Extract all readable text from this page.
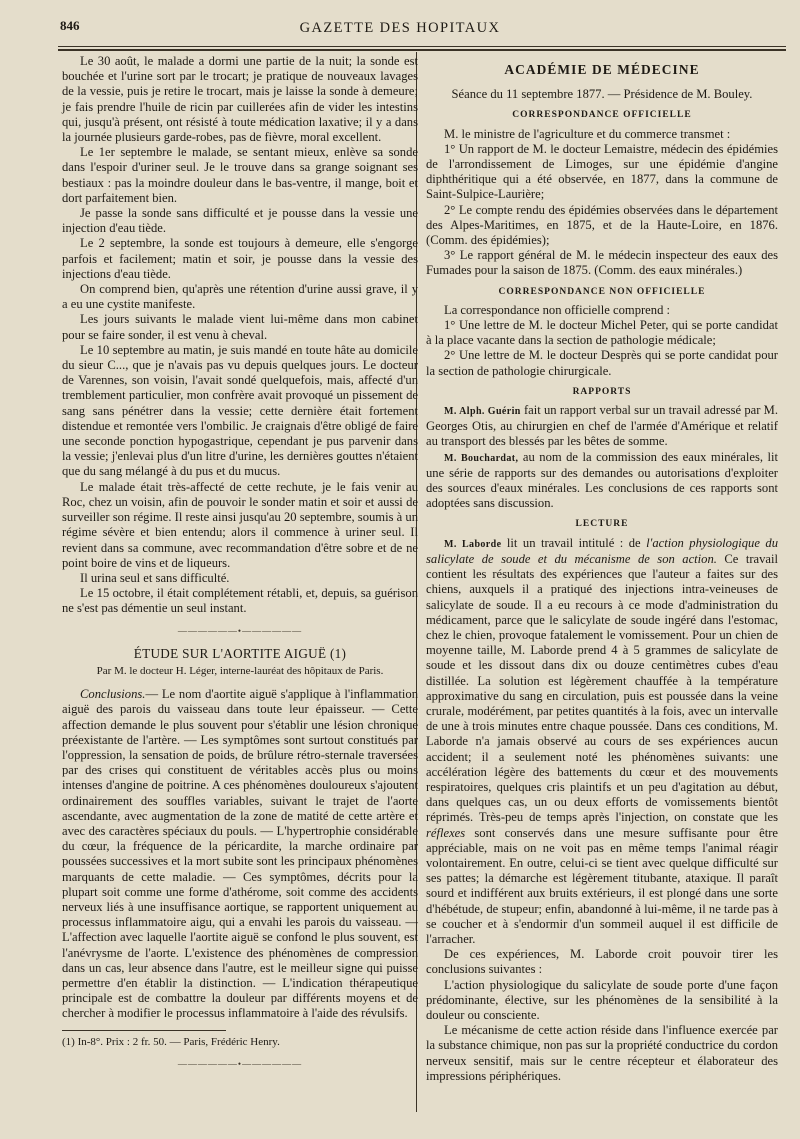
846	GAZETTE DES HOPITAUX

Le 30 août, le malade a dormi une partie de la nuit; la sonde est bouchée et l'urine sort par le trocart; je pratique de nouveaux lavages de la vessie, puis je retire le trocart, mais je laisse la sonde à demeure; je fais prendre l'huile de ricin par cuillerées afin de vider les intestins qui, jusqu'à présent, ont résisté à toute médication laxative; il y a dans la journée plusieurs garde-robes, pas de fièvre, moral excellent.

Le 1er septembre le malade, se sentant mieux, enlève sa sonde dans l'espoir d'uriner seul. Je le trouve dans sa grange soignant ses bestiaux : pas la moindre douleur dans le bas-ventre, il mange, boit et dort parfaitement bien.

Je passe la sonde sans difficulté et je pousse dans la vessie une injection d'eau tiède.

Le 2 septembre, la sonde est toujours à demeure, elle s'engorge parfois et facilement; matin et soir, je pousse dans la vessie des injections d'eau tiède.

On comprend bien, qu'après une rétention d'urine aussi grave, il y a eu une cystite manifeste.

Les jours suivants le malade vient lui-même dans mon cabinet pour se faire sonder, il est venu à cheval.

Le 10 septembre au matin, je suis mandé en toute hâte au domicile du sieur C..., que je n'avais pas vu depuis quelques jours. Le docteur de Varennes, son voisin, l'avait sondé quelquefois, mais, affecté d'un tremblement particulier, mon confrère avait provoqué un pissement de sang sans pénétrer dans la vessie; cette dernière était fortement distendue et remontée vers l'ombilic. Je craignais d'être obligé de faire une seconde ponction hypogastrique, cependant je pus parvenir dans la vessie; j'enlevai plus d'un litre d'urine, les dernières gouttes n'étaient que du sang mélangé à du pus et du mucus.

Le malade était très-affecté de cette rechute, je le fais venir au Roc, chez un voisin, afin de pouvoir le sonder matin et soir et aussi de surveiller son régime. Il reste ainsi jusqu'au 20 septembre, soumis à un régime sévère et bien entendu; alors il commence à uriner seul. Il revient dans sa commune, avec recommandation d'être sobre et de ne point boire de vins et de liqueurs.

Il urina seul et sans difficulté.

Le 15 octobre, il était complétement rétabli, et, depuis, sa guérison ne s'est pas démentie un seul instant.

——————•——————
ÉTUDE SUR L'AORTITE AIGUË (1)
Par M. le docteur H. Léger, interne-lauréat des hôpitaux de Paris.

Conclusions.— Le nom d'aortite aiguë s'applique à l'inflammation aiguë des parois du vaisseau dans toute leur épaisseur. — Cette affection demande le plus souvent pour s'établir une lésion chronique préexistante de l'artère. — Les symptômes sont surtout constitués par l'oppression, la sensation de poids, de brûlure rétro-sternale traversées par des crises qui constituent de véritables accès plus ou moins intenses d'angine de poitrine. A ces phénomènes douloureux s'ajoutent ordinairement des souffles variables, suivant le trajet de l'aorte ascendante, avec augmentation de la zone de matité de cette artère et avec des caractères spéciaux du pouls. — L'hypertrophie considérable du cœur, la fréquence de la péricardite, la marche ordinaire par poussées successives et la mort subite sont les principaux phénomènes marquants de cette maladie. — Ces symptômes, décrits pour la plupart soit comme une forme d'athérome, soit comme des accidents nerveux liés à une insuffisance aortique, se rapportent uniquement au processus inflammatoire aigu, qui a envahi les parois du vaisseau. — L'affection avec laquelle l'aortite aiguë se confond le plus souvent, est l'anévrysme de l'aorte. L'existence des phénomènes de compression dans un cas, leur absence dans l'autre, est le meilleur signe qui puisse permettre d'en établir la distinction. — L'indication thérapeutique principale est de combattre la douleur par différents moyens et de chercher à modifier le processus inflammatoire à l'aide des révulsifs.

(1) In-8°. Prix : 2 fr. 50. — Paris, Frédéric Henry.

——————•——————
ACADÉMIE DE MÉDECINE
Séance du 11 septembre 1877. — Présidence de M. Bouley.
CORRESPONDANCE OFFICIELLE

M. le ministre de l'agriculture et du commerce transmet :

1° Un rapport de M. le docteur Lemaistre, médecin des épidémies de l'arrondissement de Limoges, sur une épidémie d'angine diphthéritique qui a été observée, en 1877, dans la commune de Saint-Sulpice-Laurière;

2° Le compte rendu des épidémies observées dans le département des Alpes-Maritimes, en 1875, et de la Haute-Loire, en 1876. (Comm. des épidémies);

3° Le rapport général de M. le médecin inspecteur des eaux des Fumades pour la saison de 1875. (Comm. des eaux minérales.)

CORRESPONDANCE NON OFFICIELLE

La correspondance non officielle comprend :

1° Une lettre de M. le docteur Michel Peter, qui se porte candidat à la place vacante dans la section de pathologie médicale;

2° Une lettre de M. le docteur Desprès qui se porte candidat pour la section de pathologie chirurgicale.

RAPPORTS

M. Alph. Guérin fait un rapport verbal sur un travail adressé par M. Georges Otis, au chirurgien en chef de l'armée d'Amérique et relatif au transport des blessés par les bêtes de somme.

M. Bouchardat, au nom de la commission des eaux minérales, lit une série de rapports sur des demandes ou autorisations d'exploiter des sources d'eaux minérales. Les conclusions de ces rapports sont adoptées sans discussion.

LECTURE

M. Laborde lit un travail intitulé : de l'action physiologique du salicylate de soude et du mécanisme de son action. Ce travail contient les résultats des expériences que l'auteur a faites sur des chiens, auxquels il a pratiqué des injections intra-veineuses de salicylate de soude. Il a eu recours à ce mode d'administration du médicament, parce que le salicylate de soude ingéré dans l'estomac, chez le chien, provoque fatalement le vomissement. Pour un chien de moyenne taille, M. Laborde prend 4 à 5 grammes de salicylate de soude et les dissout dans dix ou douze centimètres cubes d'eau distillée. La solution est légèrement chauffée à la température approximative du sang en circulation, puis est poussée dans la veine crurale, modérément, par petites quantités à la fois, avec un intervalle de une à trois minutes entre chaque poussée. Dans ces conditions, M. Laborde n'a jamais observé au cours de ses expériences aucun accident; il a seulement noté les phénomènes suivants: une accélération légère des battements du cœur et des mouvements respiratoires, quelques cris plaintifs et un peu d'agitation au début, dans quelques cas, un ou deux efforts de vomissements bientôt réprimés. Très-peu de temps après l'injection, on constate que les réflexes sont conservés dans une mesure suffisante pour être appréciable, mais on ne voit pas en même temps l'animal réagir volontairement. En outre, celui-ci se tient avec quelque difficulté sur ses pattes; la démarche est légèrement titubante, ataxique. Il paraît sourd et indifférent aux bruits extérieurs, il est plongé dans une sorte d'hébétude, de stupeur; enfin, abandonné à lui-même, il ne tarde pas à se coucher et à s'endormir d'un sommeil auquel il est difficile de l'arracher.

De ces expériences, M. Laborde croit pouvoir tirer les conclusions suivantes :

L'action physiologique du salicylate de soude porte d'une façon prédominante, élective, sur les phénomènes de la sensibilité à la douleur ou consciente.

Le mécanisme de cette action réside dans l'influence exercée par la substance chimique, non pas sur la propriété conductrice du cordon nerveux sensitif, mais sur le centre récepteur et élaborateur des impressions périphériques.
